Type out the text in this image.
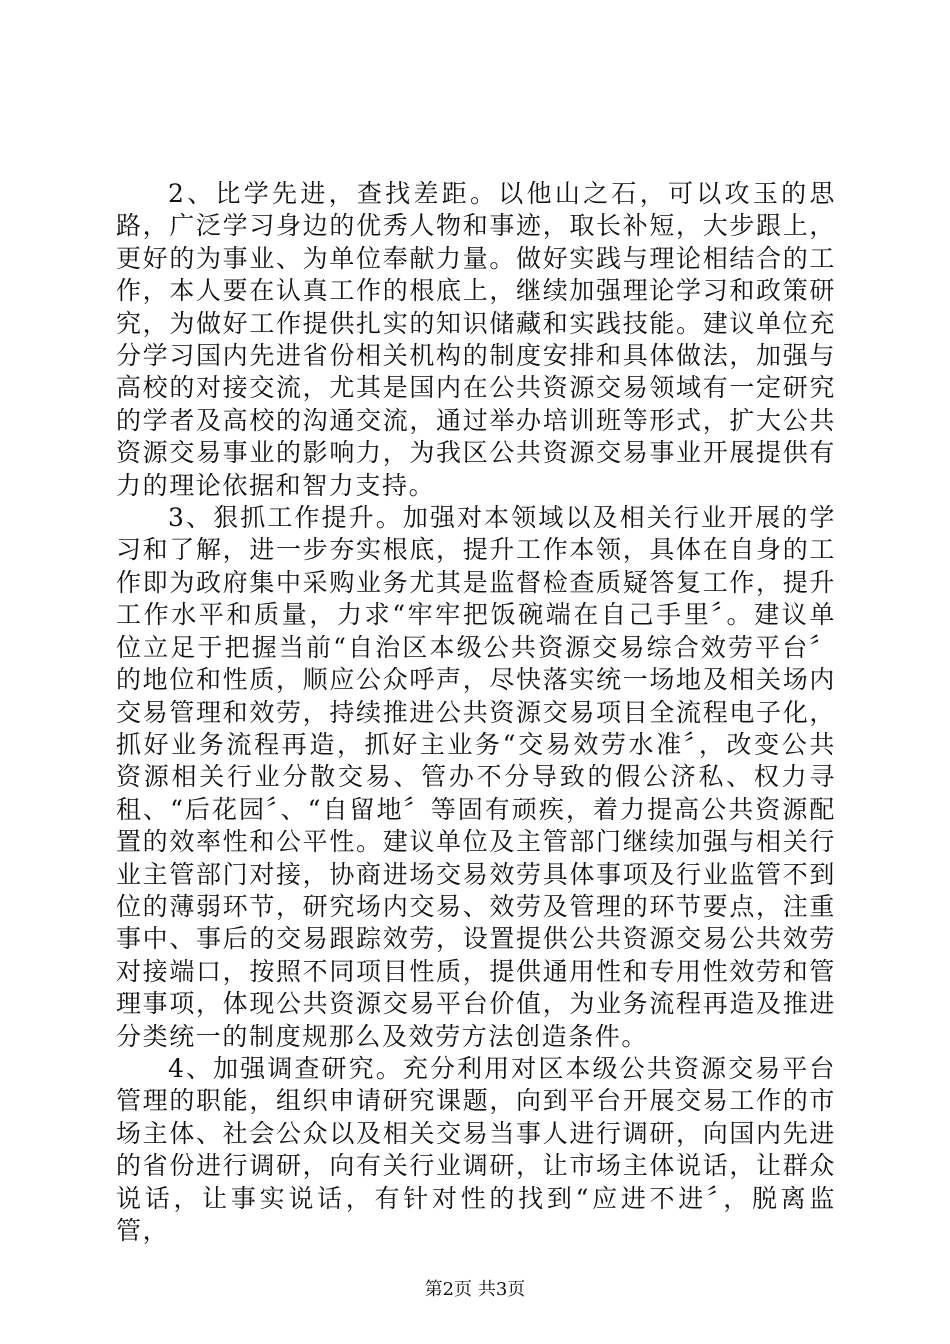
2、比学先进，查找差距。以他山之石，可以攻玉的思路，广泛学习身边的优秀人物和事迹，取长补短，大步跟上，更好的为事业、为单位奉献力量。做好实践与理论相结合的工作，本人要在认真工作的根底上，继续加强理论学习和政策研究，为做好工作提供扎实的知识储藏和实践技能。建议单位充分学习国内先进省份相关机构的制度安排和具体做法，加强与高校的对接交流，尤其是国内在公共资源交易领域有一定研究的学者及高校的沟通交流，通过举办培训班等形式，扩大公共资源交易事业的影响力，为我区公共资源交易事业开展提供有力的理论依据和智力支持。

3、狠抓工作提升。加强对本领域以及相关行业开展的学习和了解，进一步夯实根底，提升工作本领，具体在自身的工作即为政府集中采购业务尤其是监督检查质疑答复工作，提升工作水平和质量，力求“牢牢把饭碗端在自己手里〞。建议单位立足于把握当前“自治区本级公共资源交易综合效劳平台〞的地位和性质，顺应公众呼声，尽快落实统一场地及相关场内交易管理和效劳，持续推进公共资源交易项目全流程电子化，抓好业务流程再造，抓好主业务“交易效劳水准〞，改变公共资源相关行业分散交易、管办不分导致的假公济私、权力寻租、“后花园〞、“自留地〞等固有顽疾，着力提高公共资源配置的效率性和公平性。建议单位及主管部门继续加强与相关行业主管部门对接，协商进场交易效劳具体事项及行业监管不到位的薄弱环节，研究场内交易、效劳及管理的环节要点，注重事中、事后的交易跟踪效劳，设置提供公共资源交易公共效劳对接端口，按照不同项目性质，提供通用性和专用性效劳和管理事项，体现公共资源交易平台价值，为业务流程再造及推进分类统一的制度规那么及效劳方法创造条件。

4、加强调查研究。充分利用对区本级公共资源交易平台管理的职能，组织申请研究课题，向到平台开展交易工作的市场主体、社会公众以及相关交易当事人进行调研，向国内先进的省份进行调研，向有关行业调研，让市场主体说话，让群众说话，让事实说话，有针对性的找到“应进不进〞，脱离监管，

第2页 共3页
